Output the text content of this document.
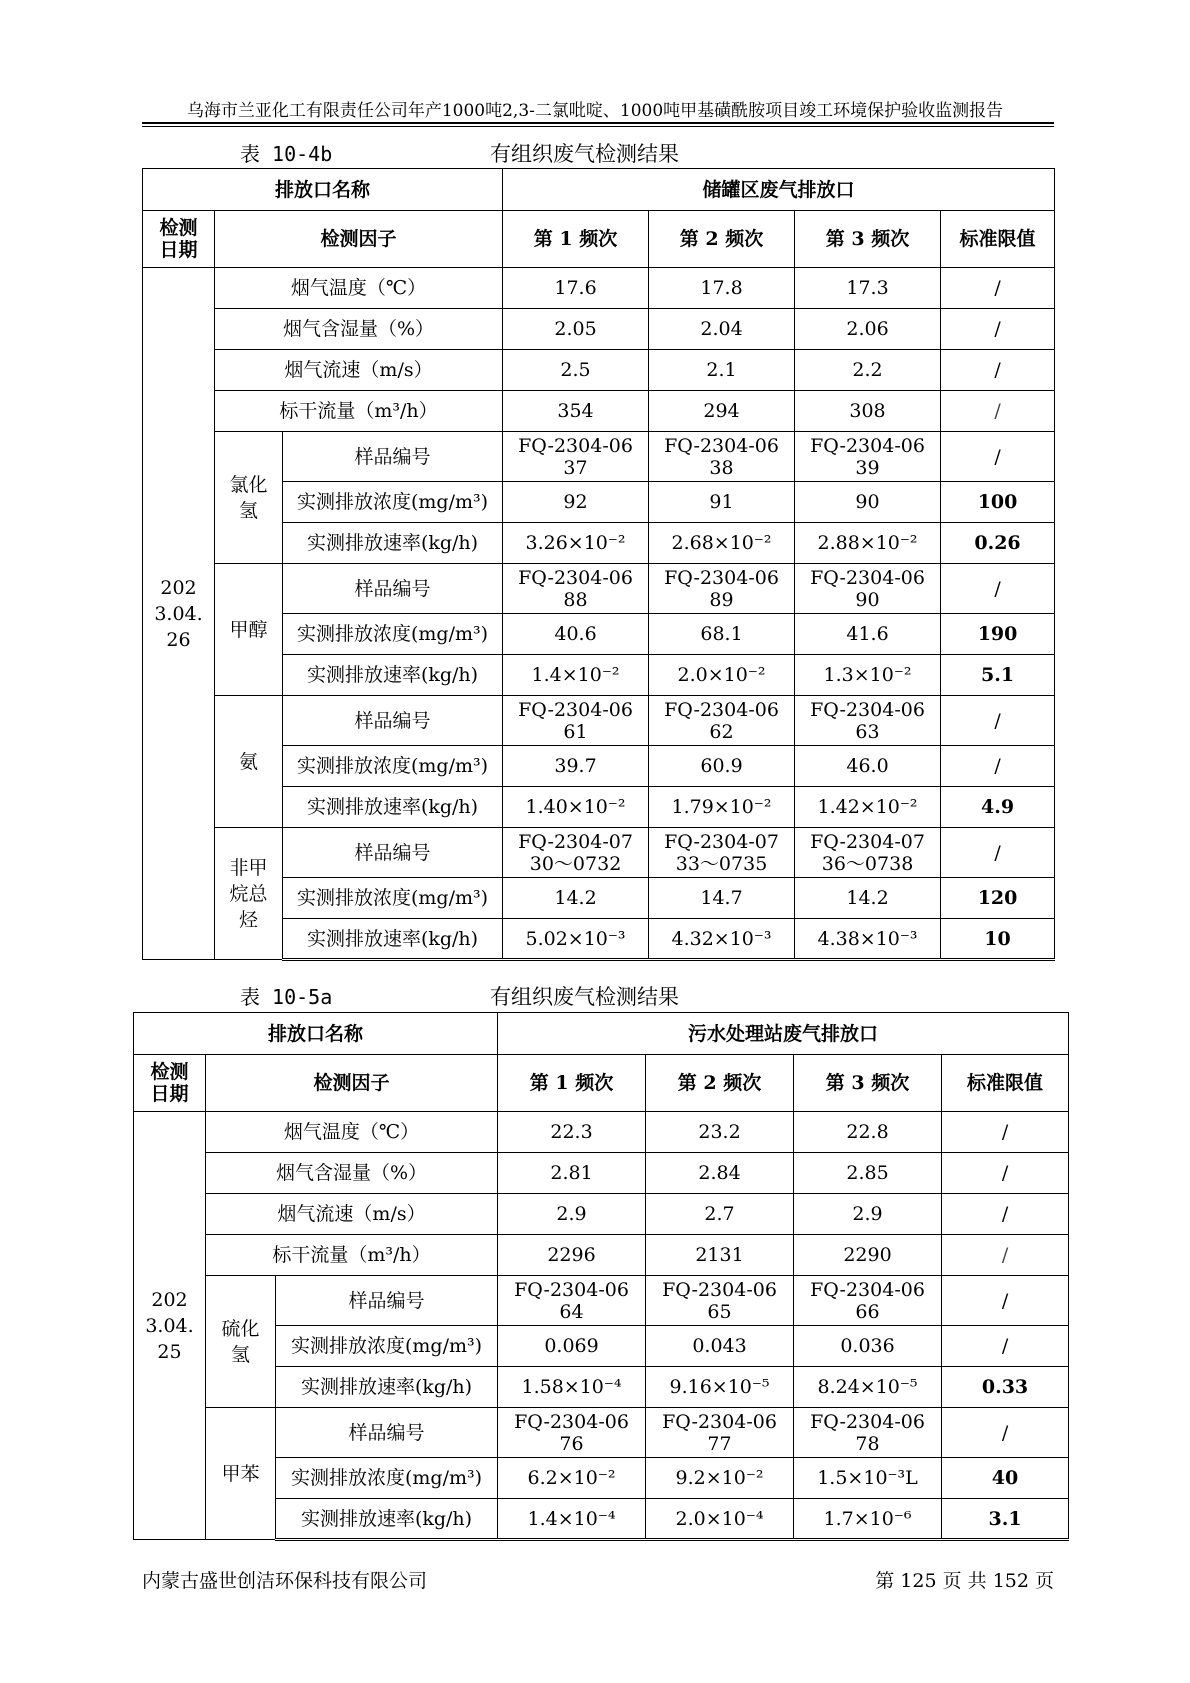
乌海市兰亚化工有限责任公司年产1000吨2,3-二氯吡啶、1000吨甲基磺酰胺项目竣工环境保护验收监测报告
表 10-4b	有组织废气检测结果
排放口名称			储罐区废气排放口			
检测日期	检测因子		第 1 频次	第 2 频次	第 3 频次	标准限值
2023.04.26	烟气温度（℃）		17.6	17.8	17.3	/
	烟气含湿量（%）		2.05	2.04	2.06	/
	烟气流速（m/s）		2.5	2.1	2.2	/
	标干流量（m³/h）		354	294	308	/
	氯化氢	样品编号	FQ-2304-0637	FQ-2304-0638	FQ-2304-0639	/
		实测排放浓度(mg/m³)	92	91	90	100
		实测排放速率(kg/h)	3.26×10⁻²	2.68×10⁻²	2.88×10⁻²	0.26
	甲醇	样品编号	FQ-2304-0688	FQ-2304-0689	FQ-2304-0690	/
		实测排放浓度(mg/m³)	40.6	68.1	41.6	190
		实测排放速率(kg/h)	1.4×10⁻²	2.0×10⁻²	1.3×10⁻²	5.1
	氨	样品编号	FQ-2304-0661	FQ-2304-0662	FQ-2304-0663	/
		实测排放浓度(mg/m³)	39.7	60.9	46.0	/
		实测排放速率(kg/h)	1.40×10⁻²	1.79×10⁻²	1.42×10⁻²	4.9
	非甲烷总烃	样品编号	FQ-2304-0730～0732	FQ-2304-0733～0735	FQ-2304-0736～0738	/
		实测排放浓度(mg/m³)	14.2	14.7	14.2	120
		实测排放速率(kg/h)	5.02×10⁻³	4.32×10⁻³	4.38×10⁻³	10
表 10-5a	有组织废气检测结果
排放口名称			污水处理站废气排放口			
检测日期	检测因子		第 1 频次	第 2 频次	第 3 频次	标准限值
2023.04.25	烟气温度（℃）		22.3	23.2	22.8	/
	烟气含湿量（%）		2.81	2.84	2.85	/
	烟气流速（m/s）		2.9	2.7	2.9	/
	标干流量（m³/h）		2296	2131	2290	/
	硫化氢	样品编号	FQ-2304-0664	FQ-2304-0665	FQ-2304-0666	/
		实测排放浓度(mg/m³)	0.069	0.043	0.036	/
		实测排放速率(kg/h)	1.58×10⁻⁴	9.16×10⁻⁵	8.24×10⁻⁵	0.33
	甲苯	样品编号	FQ-2304-0676	FQ-2304-0677	FQ-2304-0678	/
		实测排放浓度(mg/m³)	6.2×10⁻²	9.2×10⁻²	1.5×10⁻³L	40
		实测排放速率(kg/h)	1.4×10⁻⁴	2.0×10⁻⁴	1.7×10⁻⁶	3.1
内蒙古盛世创洁环保科技有限公司	第 125 页 共 152 页
